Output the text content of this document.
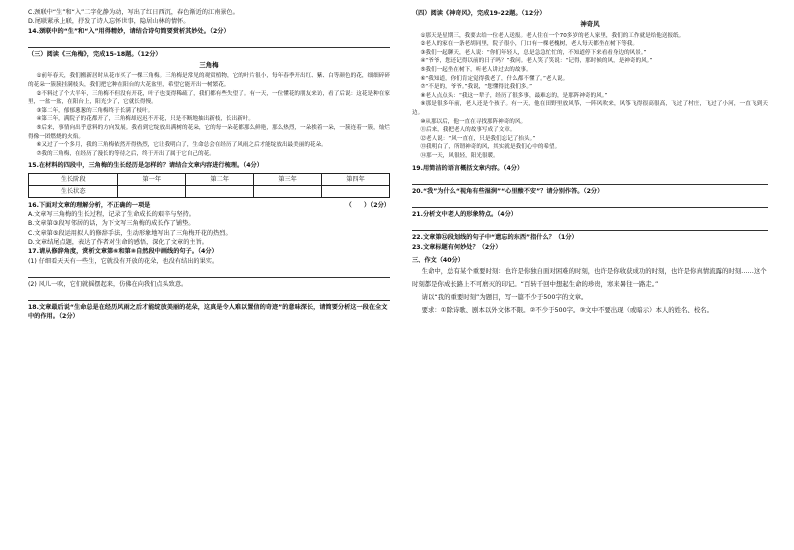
C.颈联中“生”和“入”二字化静为动，写出了红日西沉，春色渐近的江南景色。

D.尾联紧承上联，抒发了诗人忘怀世事，隐居山林的情怀。

14.颈联中的“生”和“入”用得精妙，请结合诗句简要赏析其妙处。（2分）

（三）阅读《三角梅》，完成15-18题。（12分）

三角梅

①前年春天，我们搬新居时从花市买了一棵三角梅。三角梅是常见的观赏植物，它的叶片很小，每年春季开出红、紫、白等颜色的花，细细碎碎的花朵一簇簇挂满枝头，我们把它种在阳台的大花盆里，希望它能开出一树繁花。

②不料过了个大半年，三角梅不但没有开花，叶子也变得稀疏了，我们都有些失望了。有一天，一位懂花的朋友来访，看了后说：这花是种在家里，一盆一盆，在阳台上，阳光少了，它就长得慢。

③第二年，郁郁葱葱的三角梅终于长满了枝叶。

④第三年，满院子的花都开了，三角梅却迟迟不开花，只是不断地抽出新枝，长出新叶。

⑤后来，事情向出乎意料的方向发展。我看到它绽放出满树的花朵，它的每一朵花都那么鲜艳，那么热烈，一朵挨着一朵，一簇连着一簇，灿烂得像一团燃烧的火焰。

⑥又过了一个多月，我的三角梅依然开得热烈，它让我明白了，生命总会在经历了风雨之后才能绽放出最美丽的花朵。

⑦我的三角梅，在经历了漫长的等待之后，终于开出了属于它自己的花。

15.在材料的四段中，三角梅的生长经历是怎样的？请结合文章内容进行梳理。（4分）

生长阶段	第一年	第二年	第三年	第四年
生长状态				

16.下面对文章的理解分析，不正确的一项是	（　　）（2分）

A.文章写三角梅的生长过程，记录了生命成长的艰辛与坚持。

B.文章第③段写邻居的话，为下文写三角梅的成长作了铺垫。

C.文章第⑤段运用拟人的修辞手法，生动形象地写出了三角梅开花的热烈。

D.文章结尾点题，表达了作者对生命的感悟，深化了文章的主旨。

17.请从修辞角度，赏析文章第⑥和第⑧自然段中画线的句子。（4分）

(1) 仔细看天天有一些生，它就没有开放的花朵，也没有结出的果实。

(2) 风儿一吹，它们就摇摆起来，仿佛在向我们点头致意。

18.文章最后说“生命总是在经历风雨之后才能绽放美丽的花朵，这真是令人难以置信的奇迹”的意味深长，请简要分析这一段在全文中的作用。（2分）

（四）阅读《神奇风》，完成19-22题。（12分）

神奇风

①那天是星期三，我要去给一位老人送报。老人住在一个70多岁的老人家里，我们的工作就是给他送报纸。

②老人的家在一条老胡同里，院子很小，门口有一棵老槐树，老人每天都坐在树下等我。

③我们一起聊天，老人说：“你们年轻人，总是急急忙忙的，不知道停下来看看身边的风景。”

④“爷爷，您还记得以前的日子吗？”我问。老人笑了笑说：“记得，那时候的风，是神奇的风。”

⑤我们一起坐在树下，听老人讲过去的故事。

⑥“我知道，你们肯定觉得我老了，什么都不懂了。”老人说。

⑦“不是的，爷爷。”我说，“您懂得比我们多。”

⑧老人点点头：“我这一辈子，经历了很多事，最难忘的，是那阵神奇的风。”

⑨那是很多年前，老人还是个孩子。有一天，他在田野里放风筝，一阵风吹来，风筝飞得很高很高，飞过了村庄，飞过了小河，一直飞到天边。

⑩从那以后，他一直在寻找那阵神奇的风。

⑪后来，我把老人的故事写成了文章。

⑫老人说：“风一直在，只是我们忘记了抬头。”

⑬我明白了，所谓神奇的风，其实就是我们心中的希望。

⑭那一天，风很轻，阳光很暖。

19.用简洁的语言概括文章内容。（4分）

20.“我”为什么“视角有些湿润”“心里酸不安”？请分别作答。（2分）

21.分析文中老人的形象特点。（4分）

22.文章第⑫段划线的句子中“遗忘的东西”指什么？（1分）

23.文章标题有何妙处？（2分）

三、作文（40分）

生命中，总有某个重要时刻：也许是你独自面对困难的时刻，也许是你收获成功的时刻，也许是你真情流露的时刻……这个时刻都是你成长路上不可磨灭的印记。“百转千回中想起生命的珍贵，寒来暑往一路走。”

请以“我的重要时刻”为题目，写一篇不少于500字的文章。

要求：①除诗歌、剧本以外文体不限。②不少于500字。③文中不要出现（或暗示）本人的姓名、校名。
